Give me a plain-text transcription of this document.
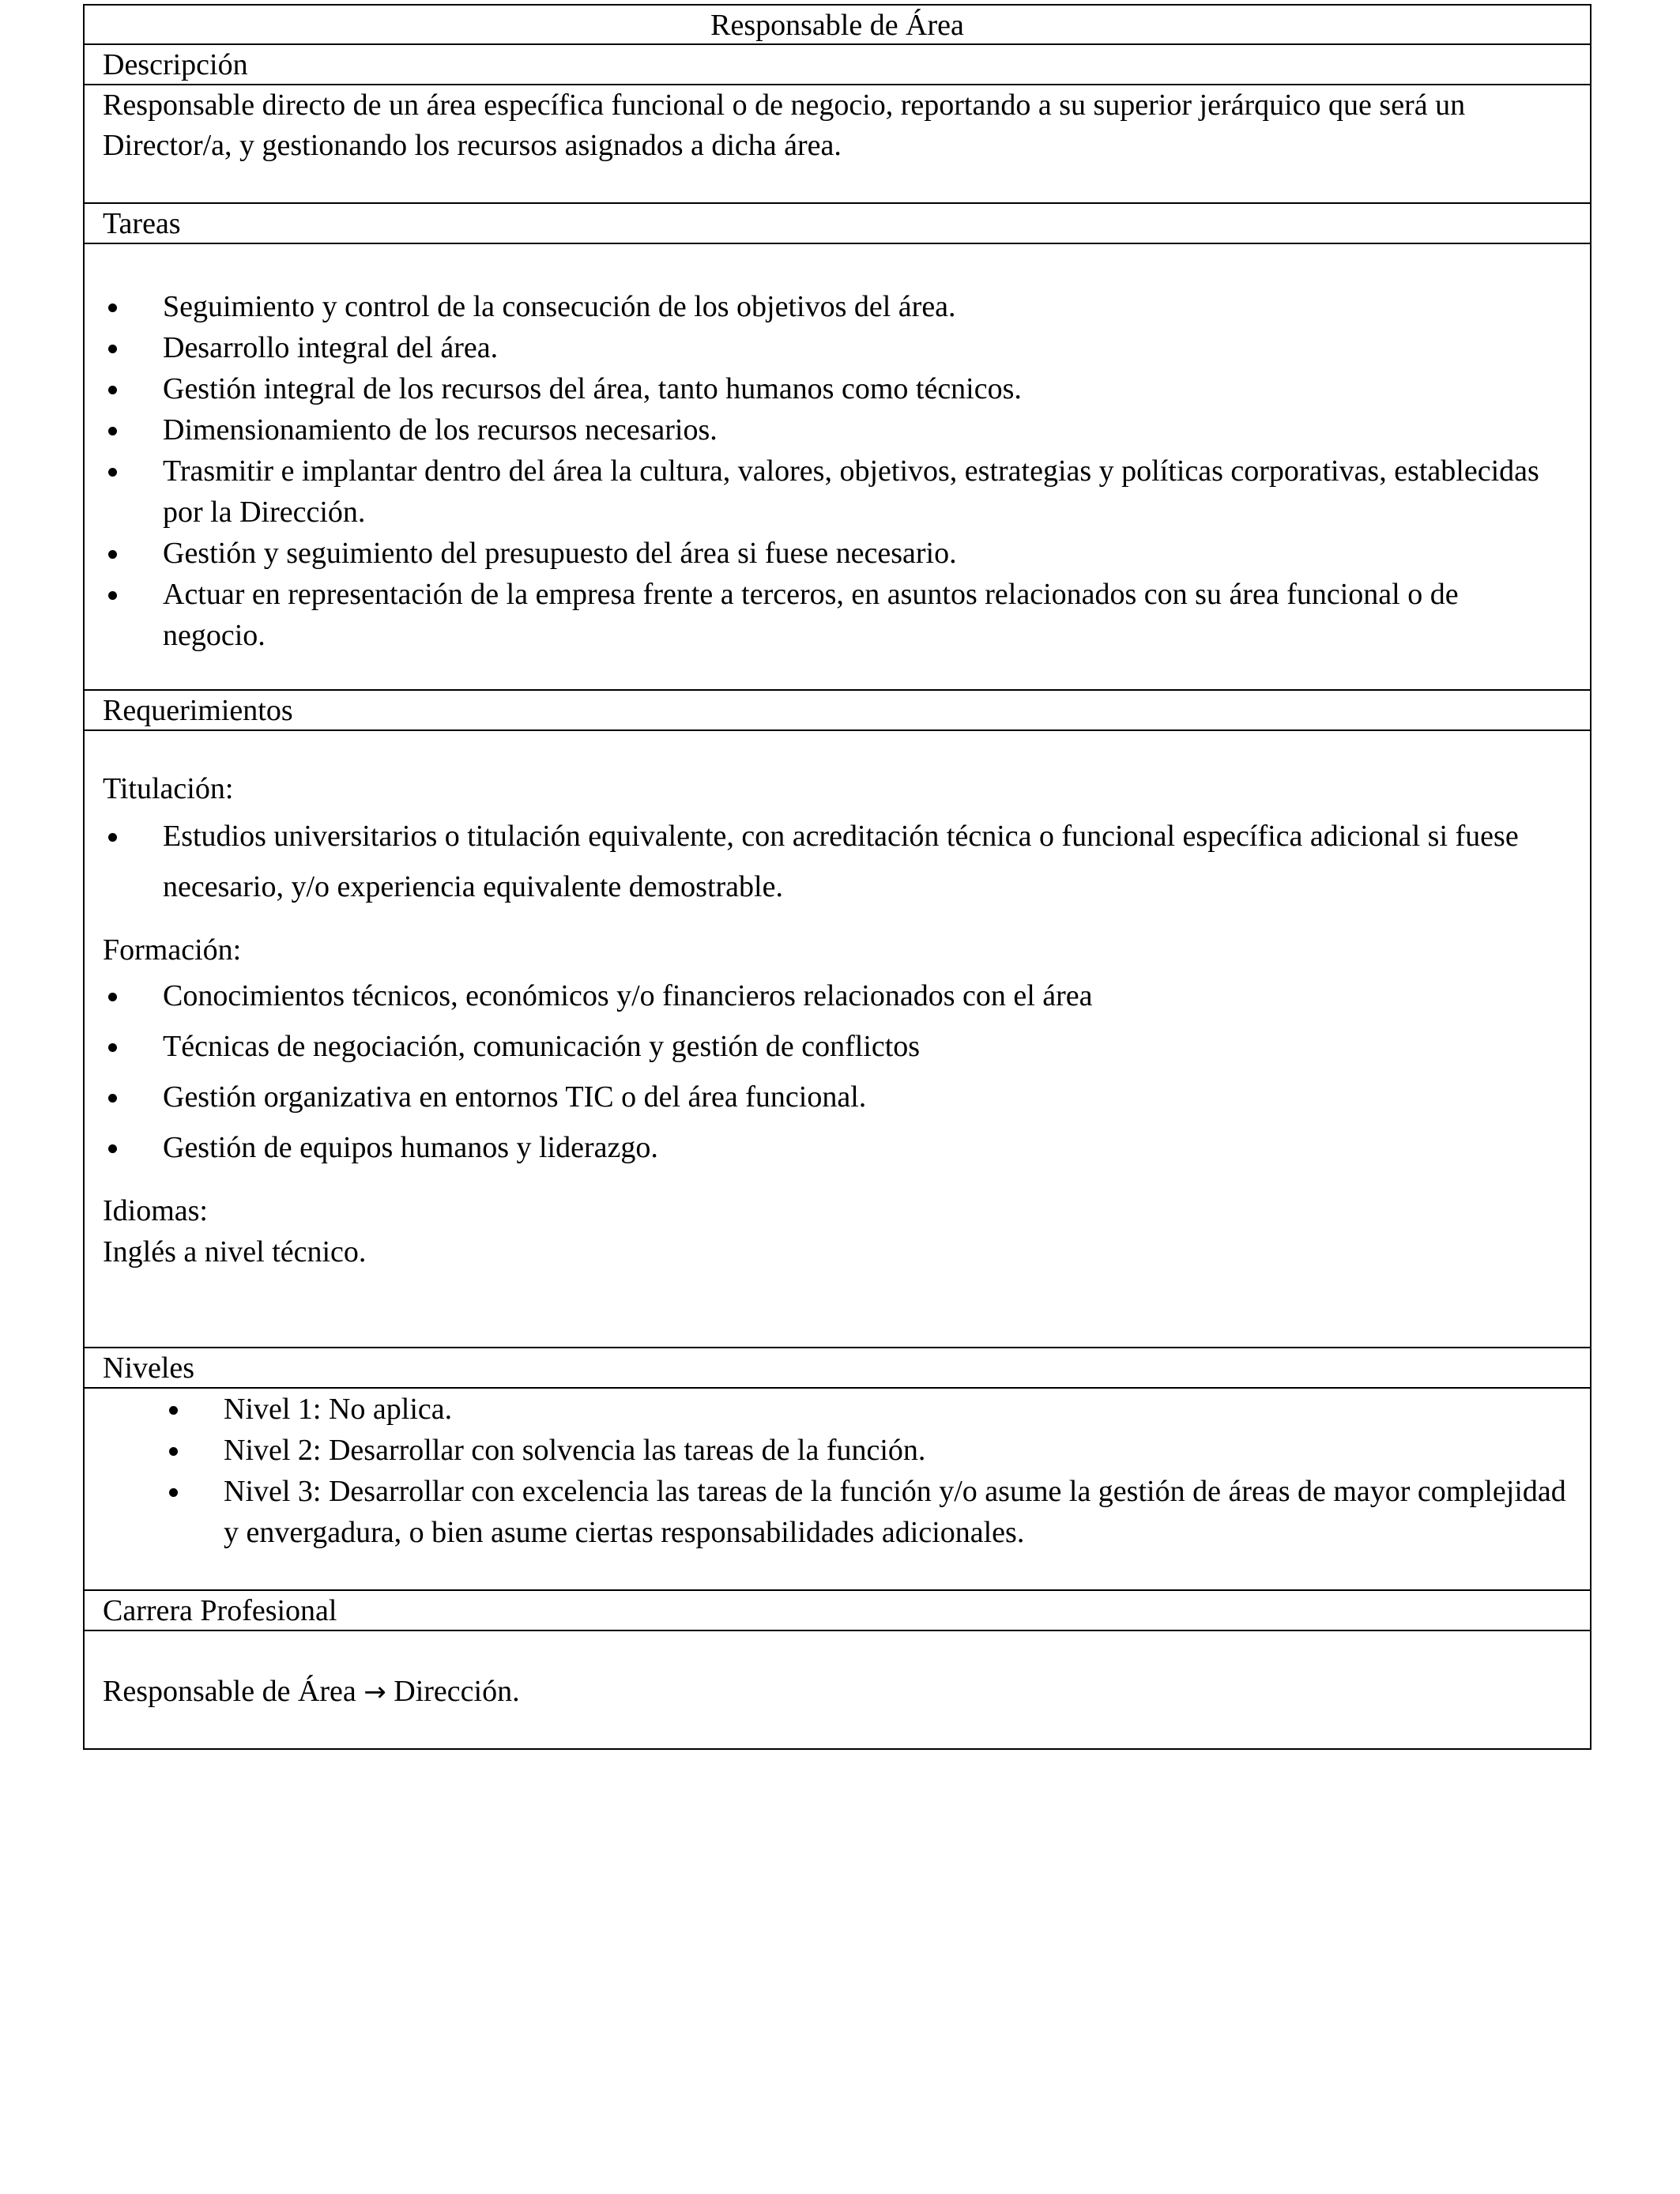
Responsable de Área
Descripción
Responsable directo de un área específica funcional o de negocio, reportando a su superior jerárquico que será un Director/a, y gestionando los recursos asignados a dicha área.
Tareas
Seguimiento y control de la consecución de los objetivos del área.
Desarrollo integral del área.
Gestión integral de los recursos del área, tanto humanos como técnicos.
Dimensionamiento de los recursos necesarios.
Trasmitir e implantar dentro del área la cultura, valores, objetivos, estrategias y políticas corporativas, establecidas por la Dirección.
Gestión y seguimiento del presupuesto del área si fuese necesario.
Actuar en representación de la empresa frente a terceros, en asuntos relacionados con su área funcional o de negocio.
Requerimientos
Titulación:
Estudios universitarios o titulación equivalente, con acreditación técnica o funcional específica adicional si fuese necesario, y/o experiencia equivalente demostrable.
Formación:
Conocimientos técnicos, económicos y/o financieros relacionados con el área
Técnicas de negociación, comunicación y gestión de conflictos
Gestión organizativa en entornos TIC o del área funcional.
Gestión de equipos humanos y liderazgo.
Idiomas:
Inglés a nivel técnico.
Niveles
Nivel 1: No aplica.
Nivel 2: Desarrollar con solvencia las tareas de la función.
Nivel 3: Desarrollar con excelencia las tareas de la función y/o asume la gestión de áreas de mayor complejidad y envergadura, o bien asume ciertas responsabilidades adicionales.
Carrera Profesional
Responsable de Área → Dirección.
